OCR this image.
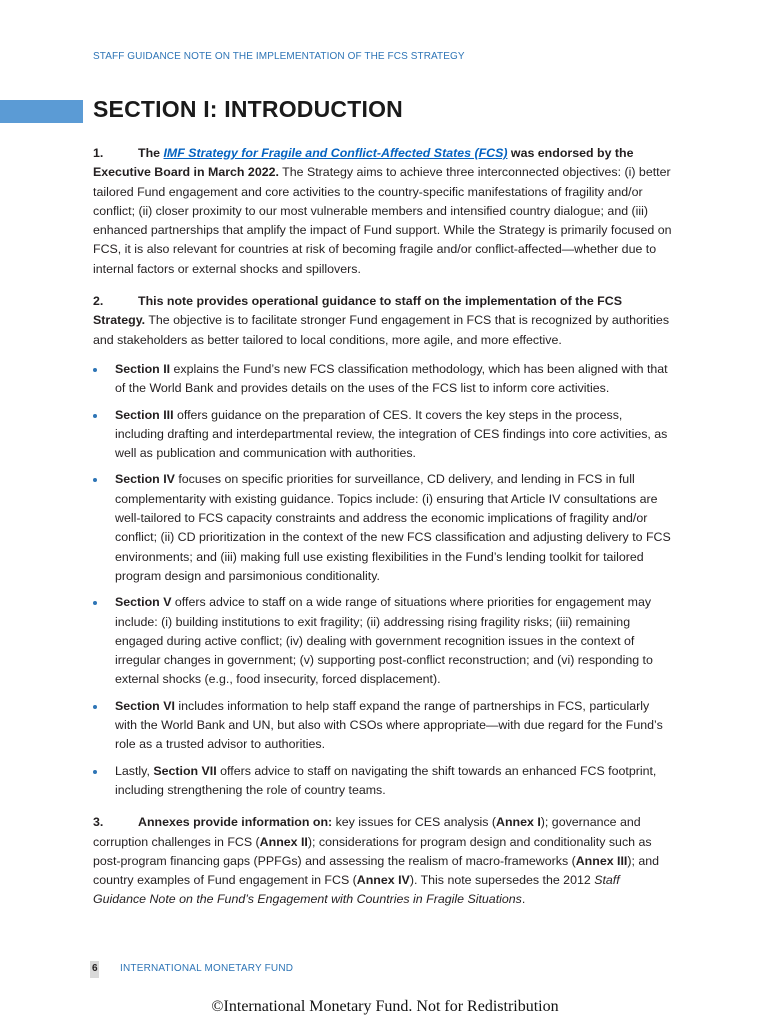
STAFF GUIDANCE NOTE ON THE IMPLEMENTATION OF THE FCS STRATEGY
SECTION I: INTRODUCTION

1.	The IMF Strategy for Fragile and Conflict-Affected States (FCS) was endorsed by the Executive Board in March 2022. The Strategy aims to achieve three interconnected objectives: (i) better tailored Fund engagement and core activities to the country-specific manifestations of fragility and/or conflict; (ii) closer proximity to our most vulnerable members and intensified country dialogue; and (iii) enhanced partnerships that amplify the impact of Fund support. While the Strategy is primarily focused on FCS, it is also relevant for countries at risk of becoming fragile and/or conflict-affected—whether due to internal factors or external shocks and spillovers.

2.	This note provides operational guidance to staff on the implementation of the FCS Strategy. The objective is to facilitate stronger Fund engagement in FCS that is recognized by authorities and stakeholders as better tailored to local conditions, more agile, and more effective.

Section II explains the Fund’s new FCS classification methodology, which has been aligned with that of the World Bank and provides details on the uses of the FCS list to inform core activities.
Section III offers guidance on the preparation of CES. It covers the key steps in the process, including drafting and interdepartmental review, the integration of CES findings into core activities, as well as publication and communication with authorities.
Section IV focuses on specific priorities for surveillance, CD delivery, and lending in FCS in full complementarity with existing guidance. Topics include: (i) ensuring that Article IV consultations are well-tailored to FCS capacity constraints and address the economic implications of fragility and/or conflict; (ii) CD prioritization in the context of the new FCS classification and adjusting delivery to FCS environments; and (iii) making full use existing flexibilities in the Fund’s lending toolkit for tailored program design and parsimonious conditionality.
Section V offers advice to staff on a wide range of situations where priorities for engagement may include: (i) building institutions to exit fragility; (ii) addressing rising fragility risks; (iii) remaining engaged during active conflict; (iv) dealing with government recognition issues in the context of irregular changes in government; (v) supporting post-conflict reconstruction; and (vi) responding to external shocks (e.g., food insecurity, forced displacement).
Section VI includes information to help staff expand the range of partnerships in FCS, particularly with the World Bank and UN, but also with CSOs where appropriate—with due regard for the Fund’s role as a trusted advisor to authorities.
Lastly, Section VII offers advice to staff on navigating the shift towards an enhanced FCS footprint, including strengthening the role of country teams.

3.	Annexes provide information on: key issues for CES analysis (Annex I); governance and corruption challenges in FCS (Annex II); considerations for program design and conditionality such as post-program financing gaps (PPFGs) and assessing the realism of macro-frameworks (Annex III); and country examples of Fund engagement in FCS (Annex IV). This note supersedes the 2012 Staff Guidance Note on the Fund’s Engagement with Countries in Fragile Situations.

6 INTERNATIONAL MONETARY FUND
©International Monetary Fund. Not for Redistribution
